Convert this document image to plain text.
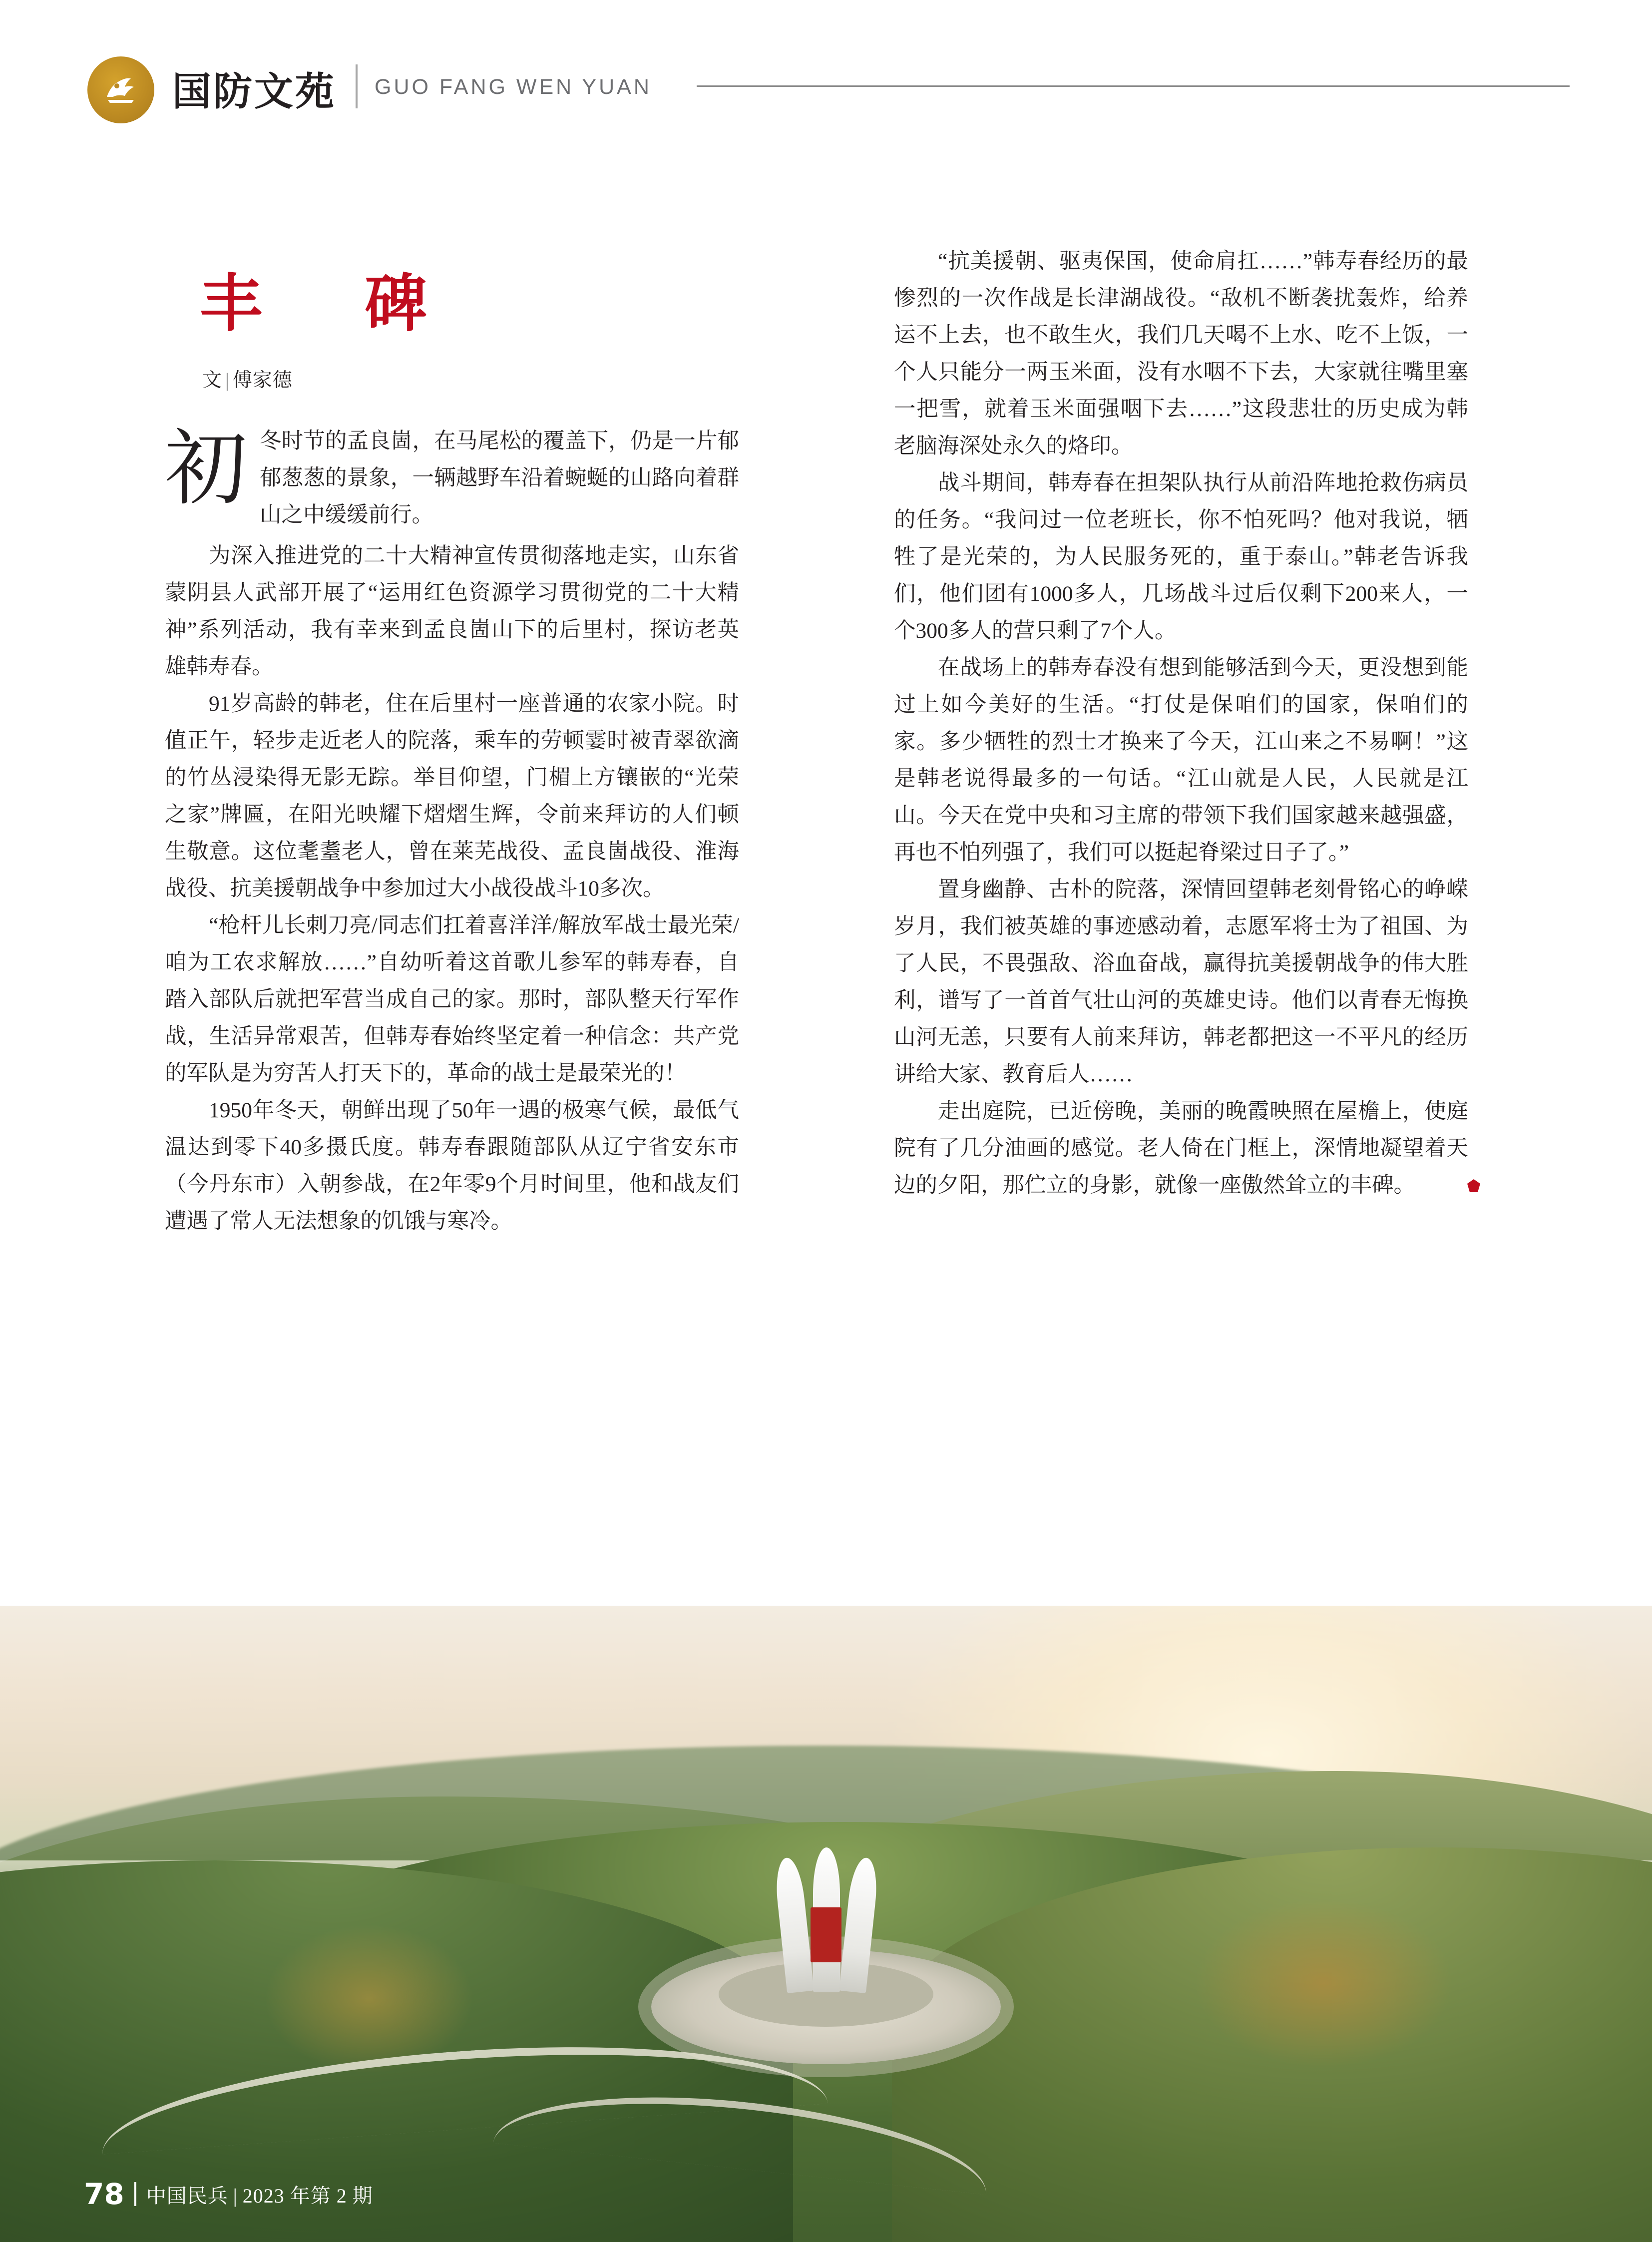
国防文苑 GUO FANG WEN YUAN
丰　碑
文 | 傅家德
初 冬时节的孟良崮，在马尾松的覆盖下，仍是一片郁郁葱葱的景象，一辆越野车沿着蜿蜒的山路向着群山之中缓缓前行。

为深入推进党的二十大精神宣传贯彻落地走实，山东省蒙阴县人武部开展了“运用红色资源学习贯彻党的二十大精神”系列活动，我有幸来到孟良崮山下的后里村，探访老英雄韩寿春。

91岁高龄的韩老，住在后里村一座普通的农家小院。时值正午，轻步走近老人的院落，乘车的劳顿霎时被青翠欲滴的竹丛浸染得无影无踪。举目仰望，门楣上方镶嵌的“光荣之家”牌匾，在阳光映耀下熠熠生辉，令前来拜访的人们顿生敬意。这位耄耋老人，曾在莱芜战役、孟良崮战役、淮海战役、抗美援朝战争中参加过大小战役战斗10多次。

“枪杆儿长刺刀亮/同志们扛着喜洋洋/解放军战士最光荣/咱为工农求解放……”自幼听着这首歌儿参军的韩寿春，自踏入部队后就把军营当成自己的家。那时，部队整天行军作战，生活异常艰苦，但韩寿春始终坚定着一种信念：共产党的军队是为穷苦人打天下的，革命的战士是最荣光的！

1950年冬天，朝鲜出现了50年一遇的极寒气候，最低气温达到零下40多摄氏度。韩寿春跟随部队从辽宁省安东市（今丹东市）入朝参战，在2年零9个月时间里，他和战友们遭遇了常人无法想象的饥饿与寒冷。

“抗美援朝、驱夷保国，使命肩扛……”韩寿春经历的最惨烈的一次作战是长津湖战役。“敌机不断袭扰轰炸，给养运不上去，也不敢生火，我们几天喝不上水、吃不上饭，一个人只能分一两玉米面，没有水咽不下去，大家就往嘴里塞一把雪，就着玉米面强咽下去……”这段悲壮的历史成为韩老脑海深处永久的烙印。

战斗期间，韩寿春在担架队执行从前沿阵地抢救伤病员的任务。“我问过一位老班长，你不怕死吗？他对我说，牺牲了是光荣的，为人民服务死的，重于泰山。”韩老告诉我们，他们团有1000多人，几场战斗过后仅剩下200来人，一个300多人的营只剩了7个人。

在战场上的韩寿春没有想到能够活到今天，更没想到能过上如今美好的生活。“打仗是保咱们的国家，保咱们的家。多少牺牲的烈士才换来了今天，江山来之不易啊！”这是韩老说得最多的一句话。“江山就是人民，人民就是江山。今天在党中央和习主席的带领下我们国家越来越强盛，再也不怕列强了，我们可以挺起脊梁过日子了。”

置身幽静、古朴的院落，深情回望韩老刻骨铭心的峥嵘岁月，我们被英雄的事迹感动着，志愿军将士为了祖国、为了人民，不畏强敌、浴血奋战，赢得抗美援朝战争的伟大胜利，谱写了一首首气壮山河的英雄史诗。他们以青春无悔换山河无恙，只要有人前来拜访，韩老都把这一不平凡的经历讲给大家、教育后人……

走出庭院，已近傍晚，美丽的晚霞映照在屋檐上，使庭院有了几分油画的感觉。老人倚在门框上，深情地凝望着天边的夕阳，那伫立的身影，就像一座傲然耸立的丰碑。

78 中国民兵 | 2023 年第 2 期
